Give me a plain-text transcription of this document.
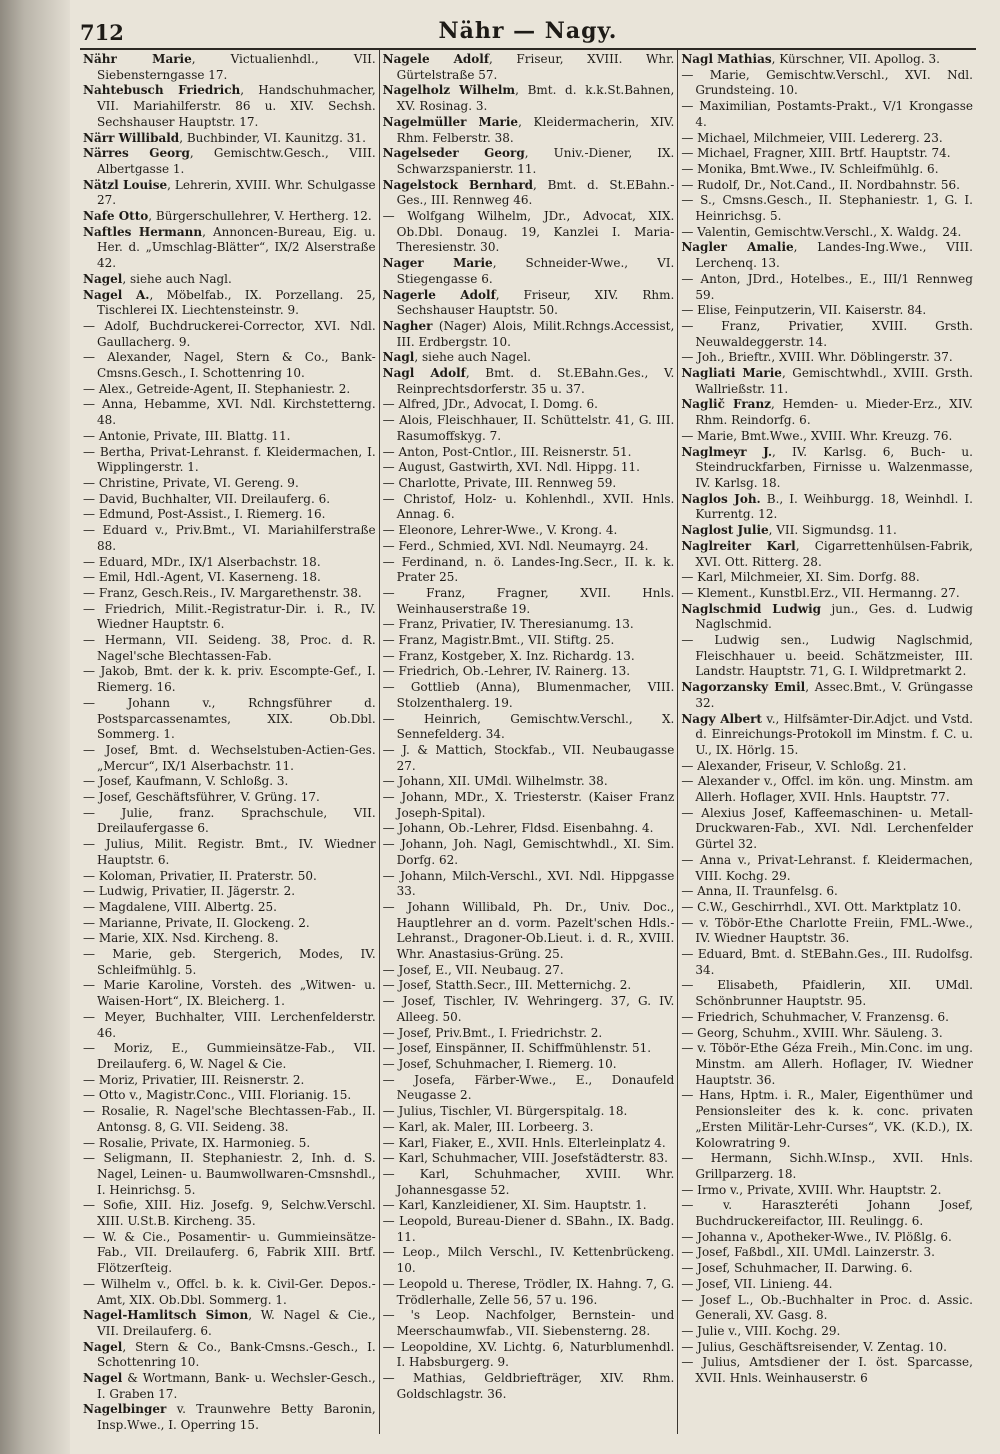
712	Nähr — Nagy.
Nähr Marie, Victualienhdl., VII. Siebensterngasse 17.
Nahtebusch Friedrich, Handschuhmacher, VII. Mariahilferstr. 86 u. XIV. Sechsh. Sechshauser Hauptstr. 17.
Närr Willibald, Buchbinder, VI. Kaunitzg. 31.
Närres Georg, Gemischtw.Gesch., VIII. Albertgasse 1.
Nätzl Louise, Lehrerin, XVIII. Whr. Schulgasse 27.
Nafe Otto, Bürgerschullehrer, V. Hertherg. 12.
Naftles Hermann, Annoncen-Bureau, Eig. u. Her. d. „Umschlag-Blätter“, IX/2 Alserstraße 42.
Nagel, siehe auch Nagl.
Nagel A., Möbelfab., IX. Porzellang. 25, Tischlerei IX. Liechtensteinstr. 9.
— Adolf, Buchdruckerei-Corrector, XVI. Ndl. Gaullacherg. 9.
— Alexander, Nagel, Stern & Co., Bank-Cmsns.Gesch., I. Schottenring 10.
— Alex., Getreide-Agent, II. Stephaniestr. 2.
— Anna, Hebamme, XVI. Ndl. Kirchstetterng. 48.
— Antonie, Private, III. Blattg. 11.
— Bertha, Privat-Lehranst. f. Kleidermachen, I. Wipplingerstr. 1.
— Christine, Private, VI. Gereng. 9.
— David, Buchhalter, VII. Dreilauferg. 6.
— Edmund, Post-Assist., I. Riemerg. 16.
— Eduard v., Priv.Bmt., VI. Mariahilferstraße 88.
— Eduard, MDr., IX/1 Alserbachstr. 18.
— Emil, Hdl.-Agent, VI. Kaserneng. 18.
— Franz, Gesch.Reis., IV. Margarethenstr. 38.
— Friedrich, Milit.-Registratur-Dir. i. R., IV. Wiedner Hauptstr. 6.
— Hermann, VII. Seideng. 38, Proc. d. R. Nagel'sche Blechtassen-Fab.
— Jakob, Bmt. der k. k. priv. Escompte-Gef., I. Riemerg. 16.
— Johann v., Rchngsführer d. Postsparcassenamtes, XIX. Ob.Dbl. Sommerg. 1.
— Josef, Bmt. d. Wechselstuben-Actien-Ges. „Mercur“, IX/1 Alserbachstr. 11.
— Josef, Kaufmann, V. Schloßg. 3.
— Josef, Geschäftsführer, V. Grüng. 17.
— Julie, franz. Sprachschule, VII. Dreilaufergasse 6.
— Julius, Milit. Registr. Bmt., IV. Wiedner Hauptstr. 6.
— Koloman, Privatier, II. Praterstr. 50.
— Ludwig, Privatier, II. Jägerstr. 2.
— Magdalene, VIII. Albertg. 25.
— Marianne, Private, II. Glockeng. 2.
— Marie, XIX. Nsd. Kircheng. 8.
— Marie, geb. Stergerich, Modes, IV. Schleifmühlg. 5.
— Marie Karoline, Vorsteh. des „Witwen- u. Waisen-Hort“, IX. Bleicherg. 1.
— Meyer, Buchhalter, VIII. Lerchenfelderstr. 46.
— Moriz, E., Gummieinsätze-Fab., VII. Dreilauferg. 6, W. Nagel & Cie.
— Moriz, Privatier, III. Reisnerstr. 2.
— Otto v., Magistr.Conc., VIII. Florianig. 15.
— Rosalie, R. Nagel'sche Blechtassen-Fab., II. Antonsg. 8, G. VII. Seideng. 38.
— Rosalie, Private, IX. Harmonieg. 5.
— Seligmann, II. Stephaniestr. 2, Inh. d. S. Nagel, Leinen- u. Baumwollwaren-Cmsnshdl., I. Heinrichsg. 5.
— Sofie, XIII. Hiz. Josefg. 9, Selchw.Verschl. XIII. U.St.B. Kircheng. 35.
— W. & Cie., Posamentir- u. Gummieinsätze-Fab., VII. Dreilauferg. 6, Fabrik XIII. Brtf. Flötzerſteig.
— Wilhelm v., Offcl. b. k. k. Civil-Ger. Depos.-Amt, XIX. Ob.Dbl. Sommerg. 1.
Nagel-Hamlitsch Simon, W. Nagel & Cie., VII. Dreilauferg. 6.
Nagel, Stern & Co., Bank-Cmsns.-Gesch., I. Schottenring 10.
Nagel & Wortmann, Bank- u. Wechsler-Gesch., I. Graben 17.
Nagelbinger v. Traunwehre Betty Baronin, Insp.Wwe., I. Operring 15.
Nagele Adolf, Friseur, XVIII. Whr. Gürtelstraße 57.
Nagelholz Wilhelm, Bmt. d. k.k.St.Bahnen, XV. Rosinag. 3.
Nagelmüller Marie, Kleidermacherin, XIV. Rhm. Felberstr. 38.
Nagelseder Georg, Univ.-Diener, IX. Schwarzspanierstr. 11.
Nagelstock Bernhard, Bmt. d. St.EBahn.-Ges., III. Rennweg 46.
— Wolfgang Wilhelm, JDr., Advocat, XIX. Ob.Dbl. Donaug. 19, Kanzlei I. Maria-Theresienstr. 30.
Nager Marie, Schneider-Wwe., VI. Stiegengasse 6.
Nagerle Adolf, Friseur, XIV. Rhm. Sechshauser Hauptstr. 50.
Nagher (Nager) Alois, Milit.Rchngs.Accessist, III. Erdbergstr. 10.
Nagl, siehe auch Nagel.
Nagl Adolf, Bmt. d. St.EBahn.Ges., V. Reinprechtsdorferstr. 35 u. 37.
— Alfred, JDr., Advocat, I. Domg. 6.
— Alois, Fleischhauer, II. Schüttelstr. 41, G. III. Rasumoffskyg. 7.
— Anton, Post-Cntlor., III. Reisnerstr. 51.
— August, Gastwirth, XVI. Ndl. Hippg. 11.
— Charlotte, Private, III. Rennweg 59.
— Christof, Holz- u. Kohlenhdl., XVII. Hnls. Annag. 6.
— Eleonore, Lehrer-Wwe., V. Krong. 4.
— Ferd., Schmied, XVI. Ndl. Neumayrg. 24.
— Ferdinand, n. ö. Landes-Ing.Secr., II. k. k. Prater 25.
— Franz, Fragner, XVII. Hnls. Weinhauserstraße 19.
— Franz, Privatier, IV. Theresianumg. 13.
— Franz, Magistr.Bmt., VII. Stiftg. 25.
— Franz, Kostgeber, X. Inz. Richardg. 13.
— Friedrich, Ob.-Lehrer, IV. Rainerg. 13.
— Gottlieb (Anna), Blumenmacher, VIII. Stolzenthalerg. 19.
— Heinrich, Gemischtw.Verschl., X. Sennefelderg. 34.
— J. & Mattich, Stockfab., VII. Neubaugasse 27.
— Johann, XII. UMdl. Wilhelmstr. 38.
— Johann, MDr., X. Triesterstr. (Kaiser Franz Joseph-Spital).
— Johann, Ob.-Lehrer, Fldsd. Eisenbahng. 4.
— Johann, Joh. Nagl, Gemischtwhdl., XI. Sim. Dorfg. 62.
— Johann, Milch-Verschl., XVI. Ndl. Hippgasse 33.
— Johann Willibald, Ph. Dr., Univ. Doc., Hauptlehrer an d. vorm. Pazelt'schen Hdls.-Lehranst., Dragoner-Ob.Lieut. i. d. R., XVIII. Whr. Anastasius-Grüng. 25.
— Josef, E., VII. Neubaug. 27.
— Josef, Statth.Secr., III. Metternichg. 2.
— Josef, Tischler, IV. Wehringerg. 37, G. IV. Alleeg. 50.
— Josef, Priv.Bmt., I. Friedrichstr. 2.
— Josef, Einspänner, II. Schiffmühlenstr. 51.
— Josef, Schuhmacher, I. Riemerg. 10.
— Josefa, Färber-Wwe., E., Donaufeld Neugasse 2.
— Julius, Tischler, VI. Bürgerspitalg. 18.
— Karl, ak. Maler, III. Lorbeerg. 3.
— Karl, Fiaker, E., XVII. Hnls. Elterleinplatz 4.
— Karl, Schuhmacher, VIII. Josefstädterstr. 83.
— Karl, Schuhmacher, XVIII. Whr. Johannesgasse 52.
— Karl, Kanzleidiener, XI. Sim. Hauptstr. 1.
— Leopold, Bureau-Diener d. SBahn., IX. Badg. 11.
— Leop., Milch Verschl., IV. Kettenbrückeng. 10.
— Leopold u. Therese, Trödler, IX. Hahng. 7, G. Trödlerhalle, Zelle 56, 57 u. 196.
— 's Leop. Nachfolger, Bernstein- und Meerschaumwfab., VII. Siebensterng. 28.
— Leopoldine, XV. Lichtg. 6, Naturblumenhdl. I. Habsburgerg. 9.
— Mathias, Geldbriefträger, XIV. Rhm. Goldschlagstr. 36.
Nagl Mathias, Kürschner, VII. Apollog. 3.
— Marie, Gemischtw.Verschl., XVI. Ndl. Grundsteing. 10.
— Maximilian, Postamts-Prakt., V/1 Krongasse 4.
— Michael, Milchmeier, VIII. Ledererg. 23.
— Michael, Fragner, XIII. Brtf. Hauptstr. 74.
— Monika, Bmt.Wwe., IV. Schleifmühlg. 6.
— Rudolf, Dr., Not.Cand., II. Nordbahnstr. 56.
— S., Cmsns.Gesch., II. Stephaniestr. 1, G. I. Heinrichsg. 5.
— Valentin, Gemischtw.Verschl., X. Waldg. 24.
Nagler Amalie, Landes-Ing.Wwe., VIII. Lerchenq. 13.
— Anton, JDrd., Hotelbes., E., III/1 Rennweg 59.
— Elise, Feinputzerin, VII. Kaiserstr. 84.
— Franz, Privatier, XVIII. Grsth. Neuwaldeggerstr. 14.
— Joh., Brieftr., XVIII. Whr. Döblingerstr. 37.
Nagliati Marie, Gemischtwhdl., XVIII. Grsth. Wallrießstr. 11.
Naglič Franz, Hemden- u. Mieder-Erz., XIV. Rhm. Reindorfg. 6.
— Marie, Bmt.Wwe., XVIII. Whr. Kreuzg. 76.
Naglmeyr J., IV. Karlsg. 6, Buch- u. Steindruckfarben, Firnisse u. Walzenmasse, IV. Karlsg. 18.
Naglos Joh. B., I. Weihburgg. 18, Weinhdl. I. Kurrentg. 12.
Naglost Julie, VII. Sigmundsg. 11.
Naglreiter Karl, Cigarrettenhülsen-Fabrik, XVI. Ott. Ritterg. 28.
— Karl, Milchmeier, XI. Sim. Dorfg. 88.
— Klement., Kunstbl.Erz., VII. Hermanng. 27.
Naglschmid Ludwig jun., Ges. d. Ludwig Naglschmid.
— Ludwig sen., Ludwig Naglschmid, Fleischhauer u. beeid. Schätzmeister, III. Landstr. Hauptstr. 71, G. I. Wildpretmarkt 2.
Nagorzansky Emil, Assec.Bmt., V. Grüngasse 32.
Nagy Albert v., Hilfsämter-Dir.Adjct. und Vstd. d. Einreichungs-Protokoll im Minstm. f. C. u. U., IX. Hörlg. 15.
— Alexander, Friseur, V. Schloßg. 21.
— Alexander v., Offcl. im kön. ung. Minstm. am Allerh. Hoflager, XVII. Hnls. Hauptstr. 77.
— Alexius Josef, Kaffeemaschinen- u. Metall-Druckwaren-Fab., XVI. Ndl. Lerchenfelder Gürtel 32.
— Anna v., Privat-Lehranst. f. Kleidermachen, VIII. Kochg. 29.
— Anna, II. Traunfelsg. 6.
— C.W., Geschirrhdl., XVI. Ott. Marktplatz 10.
— v. Töbör-Ethe Charlotte Freiin, FML.-Wwe., IV. Wiedner Hauptstr. 36.
— Eduard, Bmt. d. StEBahn.Ges., III. Rudolfsg. 34.
— Elisabeth, Pfaidlerin, XII. UMdl. Schönbrunner Hauptstr. 95.
— Friedrich, Schuhmacher, V. Franzensg. 6.
— Georg, Schuhm., XVIII. Whr. Säuleng. 3.
— v. Töbör-Ethe Géza Freih., Min.Conc. im ung. Minstm. am Allerh. Hoflager, IV. Wiedner Hauptstr. 36.
— Hans, Hptm. i. R., Maler, Eigenthümer und Pensionsleiter des k. k. conc. privaten „Ersten Militär-Lehr-Curses“, VK. (K.D.), IX. Kolowratring 9.
— Hermann, Sichh.W.Insp., XVII. Hnls. Grillparzerg. 18.
— Irmo v., Private, XVIII. Whr. Hauptstr. 2.
— v. Haraszteréti Johann Josef, Buchdruckereifactor, III. Reulingg. 6.
— Johanna v., Apotheker-Wwe., IV. Plößlg. 6.
— Josef, Faßbdl., XII. UMdl. Lainzerstr. 3.
— Josef, Schuhmacher, II. Darwing. 6.
— Josef, VII. Linieng. 44.
— Josef L., Ob.-Buchhalter in Proc. d. Assic. Generali, XV. Gasg. 8.
— Julie v., VIII. Kochg. 29.
— Julius, Geschäftsreisender, V. Zentag. 10.
— Julius, Amtsdiener der I. öst. Sparcasse, XVII. Hnls. Weinhauserstr. 6
